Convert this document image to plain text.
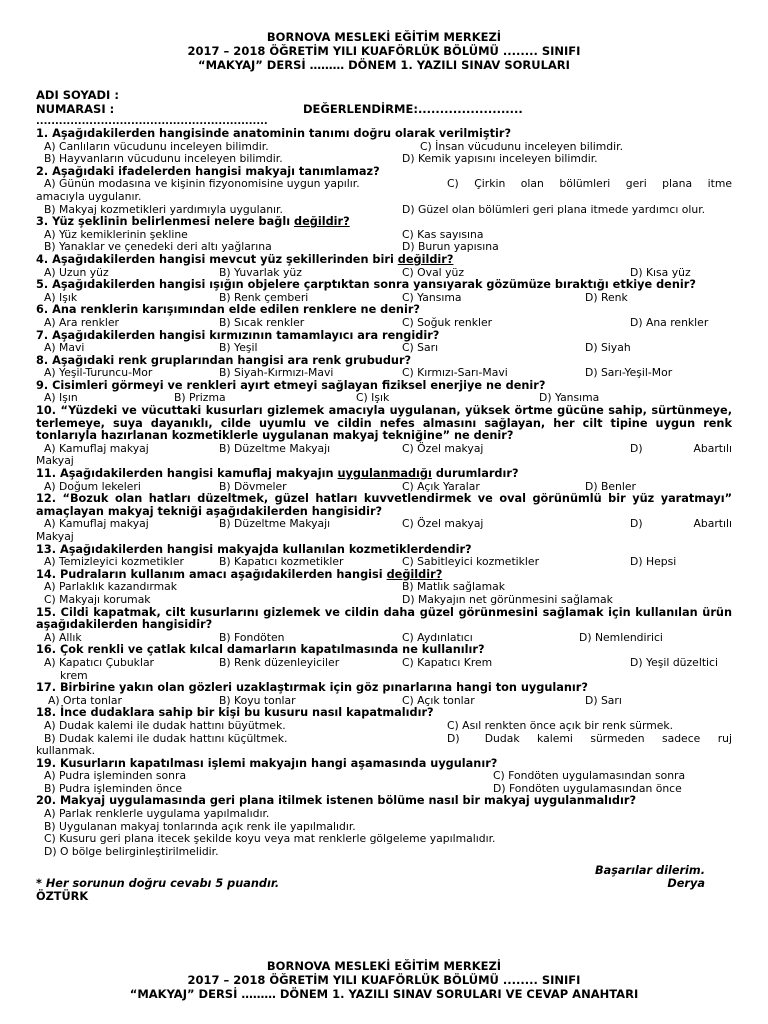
BORNOVA MESLEKİ EĞİTİM MERKEZİ
2017 – 2018 ÖĞRETİM YILI KUAFÖRLÜK BÖLÜMÜ ........ SINIFI
“MAKYAJ” DERSİ ……… DÖNEM 1. YAZILI SINAV SORULARI
ADI SOYADI :
NUMARASI :	DEĞERLENDİRME:........................
.............................................................
1. Aşağıdakilerden hangisinde anatominin tanımı doğru olarak verilmiştir?
A) Canlıların vücudunu inceleyen bilimdir.	C) İnsan vücudunu inceleyen bilimdir.
B) Hayvanların vücudunu inceleyen bilimdir.	D) Kemik yapısını inceleyen bilimdir.
2. Aşağıdaki ifadelerden hangisi makyajı tanımlamaz?
A) Günün modasına ve kişinin fizyonomisine uygun yapılır.	C) Çirkin olan bölümleri geri plana itme
amacıyla uygulanır.
B) Makyaj kozmetikleri yardımıyla uygulanır.	D) Güzel olan bölümleri geri plana itmede yardımcı olur.
3. Yüz şeklinin belirlenmesi nelere bağlı değildir?
A) Yüz kemiklerinin şekline	C) Kas sayısına
B) Yanaklar ve çenedeki deri altı yağlarına	D) Burun yapısına
4. Aşağıdakilerden hangisi mevcut yüz şekillerinden biri değildir?
A) Uzun yüz	B) Yuvarlak yüz	C) Oval yüz	D) Kısa yüz
5. Aşağıdakilerden hangisi ışığın objelere çarptıktan sonra yansıyarak gözümüze bıraktığı etkiye denir?
A) Işık	B) Renk çemberi	C) Yansıma	D) Renk
6. Ana renklerin karışımından elde edilen renklere ne denir?
A) Ara renkler	B) Sıcak renkler	C) Soğuk renkler	D) Ana renkler
7. Aşağıdakilerden hangisi kırmızının tamamlayıcı ara rengidir?
A) Mavi	B) Yeşil	C) Sarı	D) Siyah
8. Aşağıdaki renk gruplarından hangisi ara renk grubudur?
A) Yeşil-Turuncu-Mor	B) Siyah-Kırmızı-Mavi	C) Kırmızı-Sarı-Mavi	D) Sarı-Yeşil-Mor
9. Cisimleri görmeyi ve renkleri ayırt etmeyi sağlayan fiziksel enerjiye ne denir?
A) Işın	B) Prizma	C) Işık	D) Yansıma
10. “Yüzdeki ve vücuttaki kusurları gizlemek amacıyla uygulanan, yüksek örtme gücüne sahip, sürtünmeye, terlemeye, suya dayanıklı, cilde uyumlu ve cildin nefes almasını sağlayan, her cilt tipine uygun renk tonlarıyla hazırlanan kozmetiklerle uygulanan makyaj tekniğine” ne denir?
A) Kamuflaj makyaj	B) Düzeltme Makyajı	C) Özel makyaj	D)	Abartılı
Makyaj
11. Aşağıdakilerden hangisi kamuflaj makyajın uygulanmadığı durumlardır?
A) Doğum lekeleri	B) Dövmeler	C) Açık Yaralar	D) Benler
12. “Bozuk olan hatları düzeltmek, güzel hatları kuvvetlendirmek ve oval görünümlü bir yüz yaratmayı” amaçlayan makyaj tekniği aşağıdakilerden hangisidir?
A) Kamuflaj makyaj	B) Düzeltme Makyajı	C) Özel makyaj	D)	Abartılı
Makyaj
13. Aşağıdakilerden hangisi makyajda kullanılan kozmetiklerdendir?
A) Temizleyici kozmetikler	B) Kapatıcı kozmetikler	C) Sabitleyici kozmetikler	D) Hepsi
14. Pudraların kullanım amacı aşağıdakilerden hangisi değildir?
A) Parlaklık kazandırmak	B) Matlık sağlamak
C) Makyajı korumak	D) Makyajın net görünmesini sağlamak
15. Cildi kapatmak, cilt kusurlarını gizlemek ve cildin daha güzel görünmesini sağlamak için kullanılan ürün aşağıdakilerden hangisidir?
A) Allık	B) Fondöten	C) Aydınlatıcı	D) Nemlendirici
16. Çok renkli ve çatlak kılcal damarların kapatılmasında ne kullanılır?
A) Kapatıcı Çubuklar	B) Renk düzenleyiciler	C) Kapatıcı Krem	D) Yeşil düzeltici
krem
17. Birbirine yakın olan gözleri uzaklaştırmak için göz pınarlarına hangi ton uygulanır?
A) Orta tonlar	B) Koyu tonlar	C) Açık tonlar	D) Sarı
18. İnce dudaklara sahip bir kişi bu kusuru nasıl kapatmalıdır?
A) Dudak kalemi ile dudak hattını büyütmek.	C) Asıl renkten önce açık bir renk sürmek.
B) Dudak kalemi ile dudak hattını küçültmek.	D) Dudak kalemi sürmeden sadece ruj
kullanmak.
19. Kusurların kapatılması işlemi makyajın hangi aşamasında uygulanır?
A) Pudra işleminden sonra	C) Fondöten uygulamasından sonra
B) Pudra işleminden önce	D) Fondöten uygulamasından önce
20. Makyaj uygulamasında geri plana itilmek istenen bölüme nasıl bir makyaj uygulanmalıdır?
A) Parlak renklerle uygulama yapılmalıdır.
B) Uygulanan makyaj tonlarında açık renk ile yapılmalıdır.
C) Kusuru geri plana itecek şekilde koyu veya mat renklerle gölgeleme yapılmalıdır.
D) O bölge belirginleştirilmelidir.
Başarılar dilerim.
* Her sorunun doğru cevabı 5 puandır.	Derya
ÖZTÜRK
BORNOVA MESLEKİ EĞİTİM MERKEZİ
2017 – 2018 ÖĞRETİM YILI KUAFÖRLÜK BÖLÜMÜ ........ SINIFI
“MAKYAJ” DERSİ ……… DÖNEM 1. YAZILI SINAV SORULARI VE CEVAP ANAHTARI
